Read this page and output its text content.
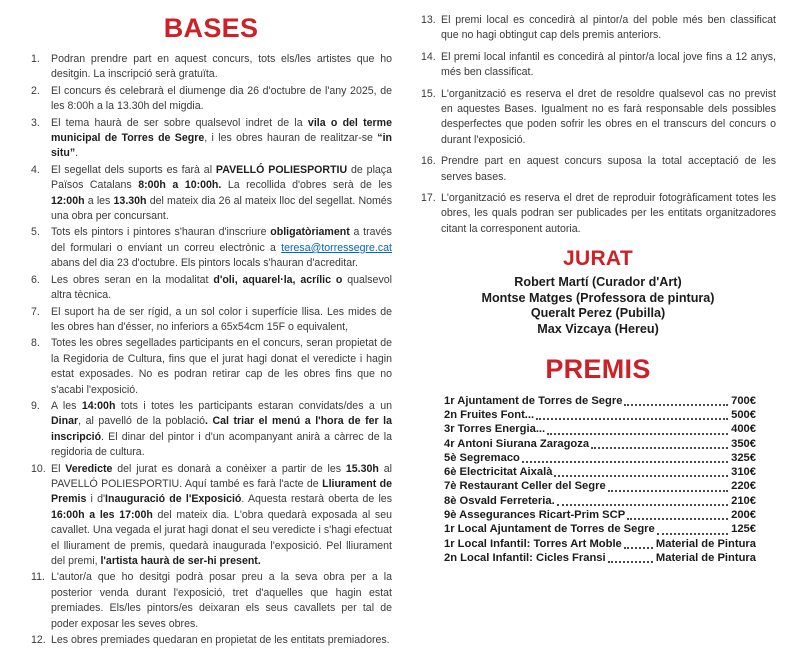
BASES
Podran prendre part en aquest concurs, tots els/les artistes que ho desitgin. La inscripció serà gratuïta.
El concurs és celebrarà el diumenge dia 26 d'octubre de l'any 2025, de les 8:00h a la 13.30h del migdia.
El tema haurà de ser sobre qualsevol indret de la vila o del terme municipal de Torres de Segre, i les obres hauran de realitzar-se “in situ”.
El segellat dels suports es farà al PAVELLÓ POLIESPORTIU de plaça Països Catalans 8:00h a 10:00h. La recollida d'obres serà de les 12:00h a les 13.30h del mateix dia 26 al mateix lloc del segellat. Només una obra per concursant.
Tots els pintors i pintores s'hauran d'inscriure obligatòriament a través del formulari o enviant un correu electrònic a teresa@torressegre.cat abans del dia 23 d'octubre. Els pintors locals s'hauran d'acreditar.
Les obres seran en la modalitat d'oli, aquarel·la, acrílic o qualsevol altra tècnica.
El suport ha de ser rígid, a un sol color i superfície llisa. Les mides de les obres han d'ésser, no inferiors a 65x54cm 15F o equivalent,
Totes les obres segellades participants en el concurs, seran propietat de la Regidoria de Cultura, fins que el jurat hagi donat el veredicte i hagin estat exposades. No es podran retirar cap de les obres fins que no s'acabi l'exposició.
A les 14:00h tots i totes les participants estaran convidats/des a un Dinar, al pavelló de la població. Cal triar el menú a l'hora de fer la inscripció. El dinar del pintor i d'un acompanyant anirà a càrrec de la regidoria de cultura.
El Veredicte del jurat es donarà a conèixer a partir de les 15.30h al PAVELLÓ POLIESPORTIU. Aquí també es farà l'acte de Lliurament de Premis i d'Inauguració de l'Exposició. Aquesta restarà oberta de les 16:00h a les 17:00h del mateix dia. L'obra quedarà exposada al seu cavallet. Una vegada el jurat hagi donat el seu veredicte i s'hagi efectuat el lliurament de premis, quedarà inaugurada l'exposició. Pel lliurament del premi, l'artista haurà de ser-hi present.
L'autor/a que ho desitgi podrà posar preu a la seva obra per a la posterior venda durant l'exposició, tret d'aquelles que hagin estat premiades. Els/les pintors/es deixaran els seus cavallets per tal de poder exposar les seves obres.
Les obres premiades quedaran en propietat de les entitats premiadores.
El premi local es concedirà al pintor/a del poble més ben classificat que no hagi obtingut cap dels premis anteriors.
El premi local infantil es concedirà al pintor/a local jove fins a 12 anys, més ben classificat.
L'organització es reserva el dret de resoldre qualsevol cas no previst en aquestes Bases. Igualment no es farà responsable dels possibles desperfectes que poden sofrir les obres en el transcurs del concurs o durant l'exposició.
Prendre part en aquest concurs suposa la total acceptació de les serves bases.
L'organització es reserva el dret de reproduir fotogràficament totes les obres, les quals podran ser publicades per les entitats organitzadores citant la corresponent autoria.
JURAT
Robert Martí (Curador d'Art)
Montse Matges (Professora de pintura)
Queralt Perez (Pubilla)
Max Vizcaya (Hereu)
PREMIS
1r Ajuntament de Torres de Segre	700€
2n Fruites Font...	500€
3r Torres Energia...	400€
4r Antoni Siurana Zaragoza	350€
5è Segremaco	325€
6è Electricitat Aixalà	310€
7è Restaurant Celler del Segre	220€
8è Osvald Ferreteria.	210€
9è Assegurances Ricart-Prim SCP	200€
1r Local Ajuntament de Torres de Segre	125€
1r Local Infantil: Torres Art Moble	Material de Pintura
2n Local Infantil: Cicles Fransi	Material de Pintura
